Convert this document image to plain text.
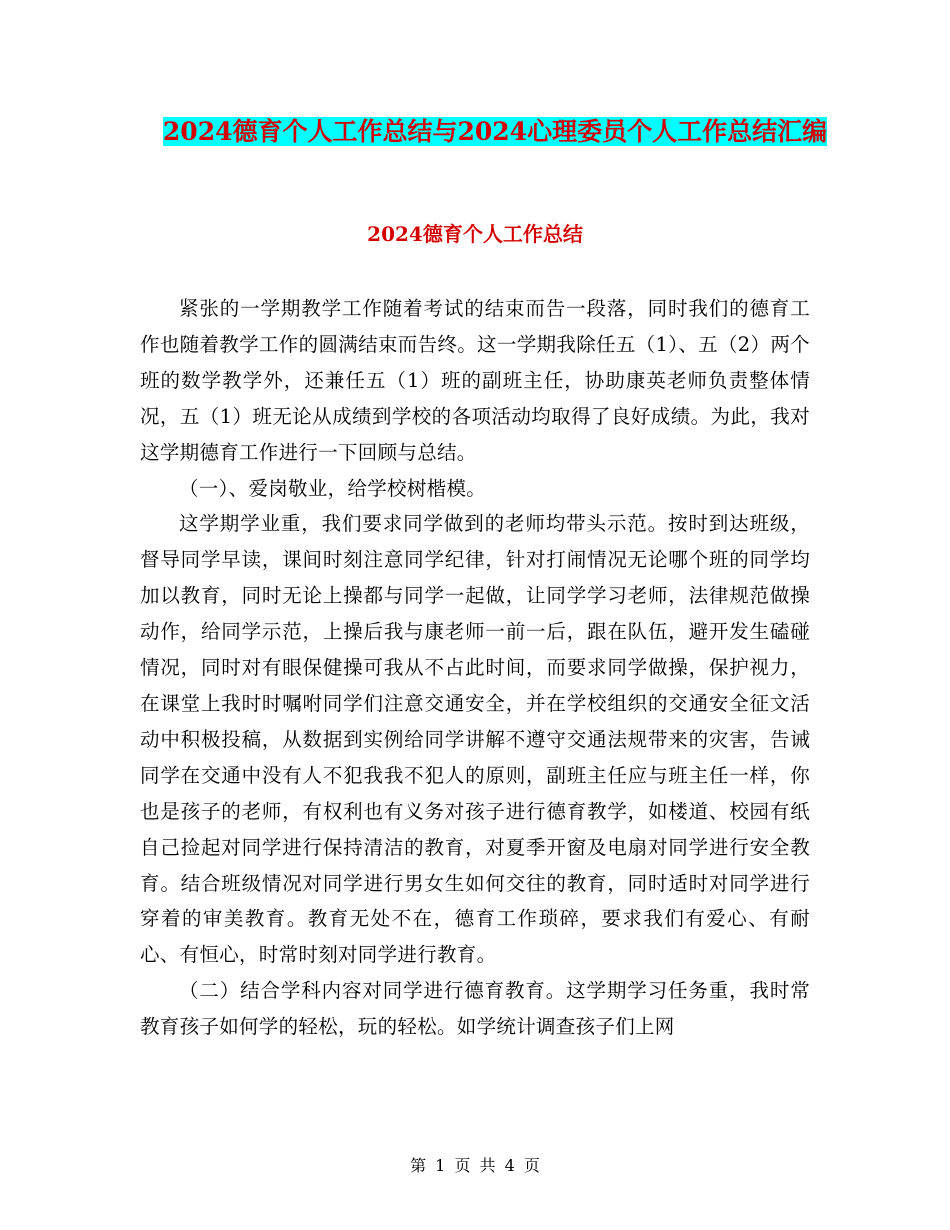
2024德育个人工作总结与2024心理委员个人工作总结汇编
2024德育个人工作总结

紧张的一学期教学工作随着考试的结束而告一段落，同时我们的德育工作也随着教学工作的圆满结束而告终。这一学期我除任五（1）、五（2）两个班的数学教学外，还兼任五（1）班的副班主任，协助康英老师负责整体情况，五（1）班无论从成绩到学校的各项活动均取得了良好成绩。为此，我对这学期德育工作进行一下回顾与总结。

（一）、爱岗敬业，给学校树楷模。

这学期学业重，我们要求同学做到的老师均带头示范。按时到达班级，督导同学早读，课间时刻注意同学纪律，针对打闹情况无论哪个班的同学均加以教育，同时无论上操都与同学一起做，让同学学习老师，法律规范做操动作，给同学示范，上操后我与康老师一前一后，跟在队伍，避开发生磕碰情况，同时对有眼保健操可我从不占此时间，而要求同学做操，保护视力，在课堂上我时时嘱咐同学们注意交通安全，并在学校组织的交通安全征文活动中积极投稿，从数据到实例给同学讲解不遵守交通法规带来的灾害，告诫同学在交通中没有人不犯我我不犯人的原则，副班主任应与班主任一样，你也是孩子的老师，有权利也有义务对孩子进行德育教学，如楼道、校园有纸自己捡起对同学进行保持清洁的教育，对夏季开窗及电扇对同学进行安全教育。结合班级情况对同学进行男女生如何交往的教育，同时适时对同学进行穿着的审美教育。教育无处不在，德育工作琐碎，要求我们有爱心、有耐心、有恒心，时常时刻对同学进行教育。

（二）结合学科内容对同学进行德育教育。这学期学习任务重，我时常教育孩子如何学的轻松，玩的轻松。如学统计调查孩子们上网

第 1 页 共 4 页
